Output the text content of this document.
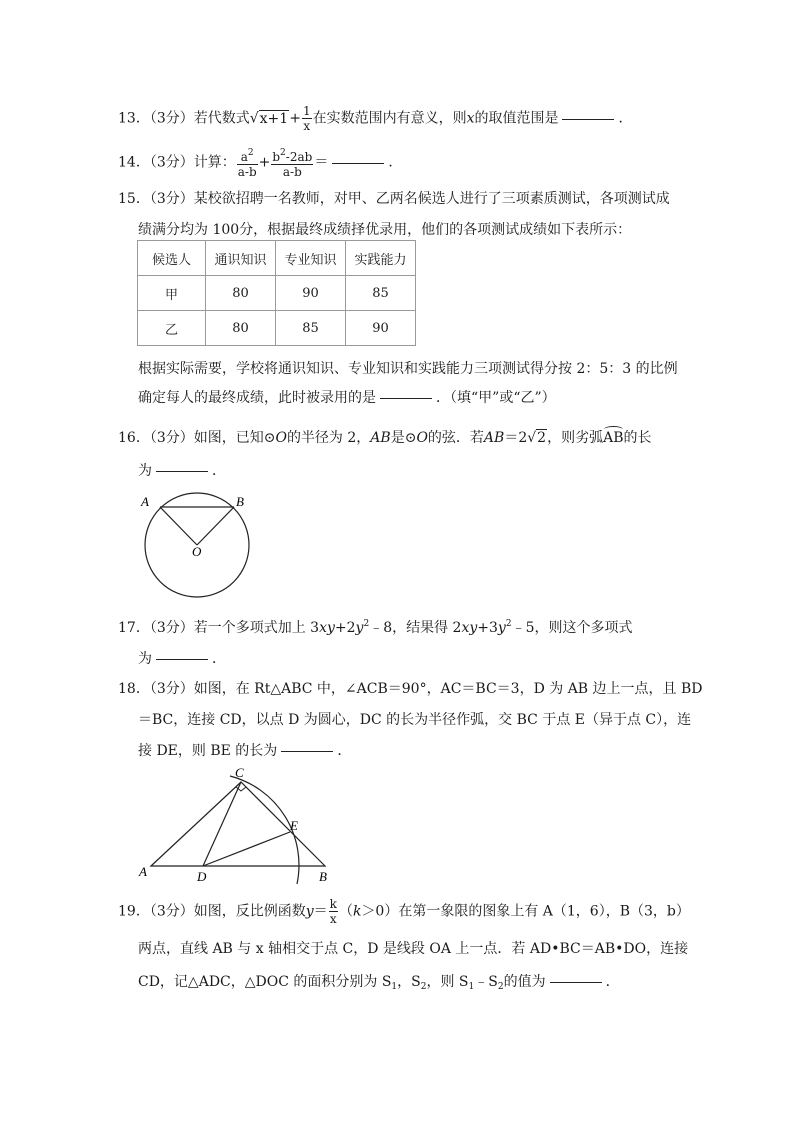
13．（3分）若代数式$√x+1+ \frac{1}{x}$ 在实数范围内有意义，则x的取值范围是	．
14．（3分）计算： $\frac{a^2}{a-b} + \frac{b^2-2ab}{a-b}$ ＝	．
15．（3分）某校欲招聘一名教师，对甲、乙两名候选人进行了三项素质测试，各项测试成
绩满分均为 100分，根据最终成绩择优录用，他们的各项测试成绩如下表所示：
候选人	通识知识	专业知识	实践能力
甲	80	90	85
乙	80	85	90
根据实际需要，学校将通识知识、专业知识和实践能力三项测试得分按 2：5：3 的比例
确定每人的最终成绩，此时被录用的是	．（填“甲”或“乙”）
16．（3分）如图，已知⊙O的半径为 2，AB是⊙O的弦．若AB＝2√2，则劣弧AB的长
为	．
A	B
O
17．（3分）若一个多项式加上 $3xy+2y^2﹣8$，结果得 $2xy+3y^2﹣5$，则这个多项式
为	．
18．（3分）如图，在 Rt△ABC 中，∠ACB＝90°，AC＝BC＝3，D 为 AB 边上一点，且 BD
＝BC，连接 CD，以点 D 为圆心，DC 的长为半径作弧，交 BC 于点 E（异于点 C），连
接 DE，则 BE 的长为	．
C
E
A	D	B
19．（3分）如图，反比例函数$y= \frac{k}{x} (k>0)$在第一象限的图象上有 A（1，6），B（3，b）
两点，直线 AB 与 x 轴相交于点 C，D 是线段 OA 上一点．若 AD•BC＝AB•DO，连接
CD，记△ADC，△DOC 的面积分别为 $S_1$，$S_2$，则 $S_1﹣S_2$的值为	．
